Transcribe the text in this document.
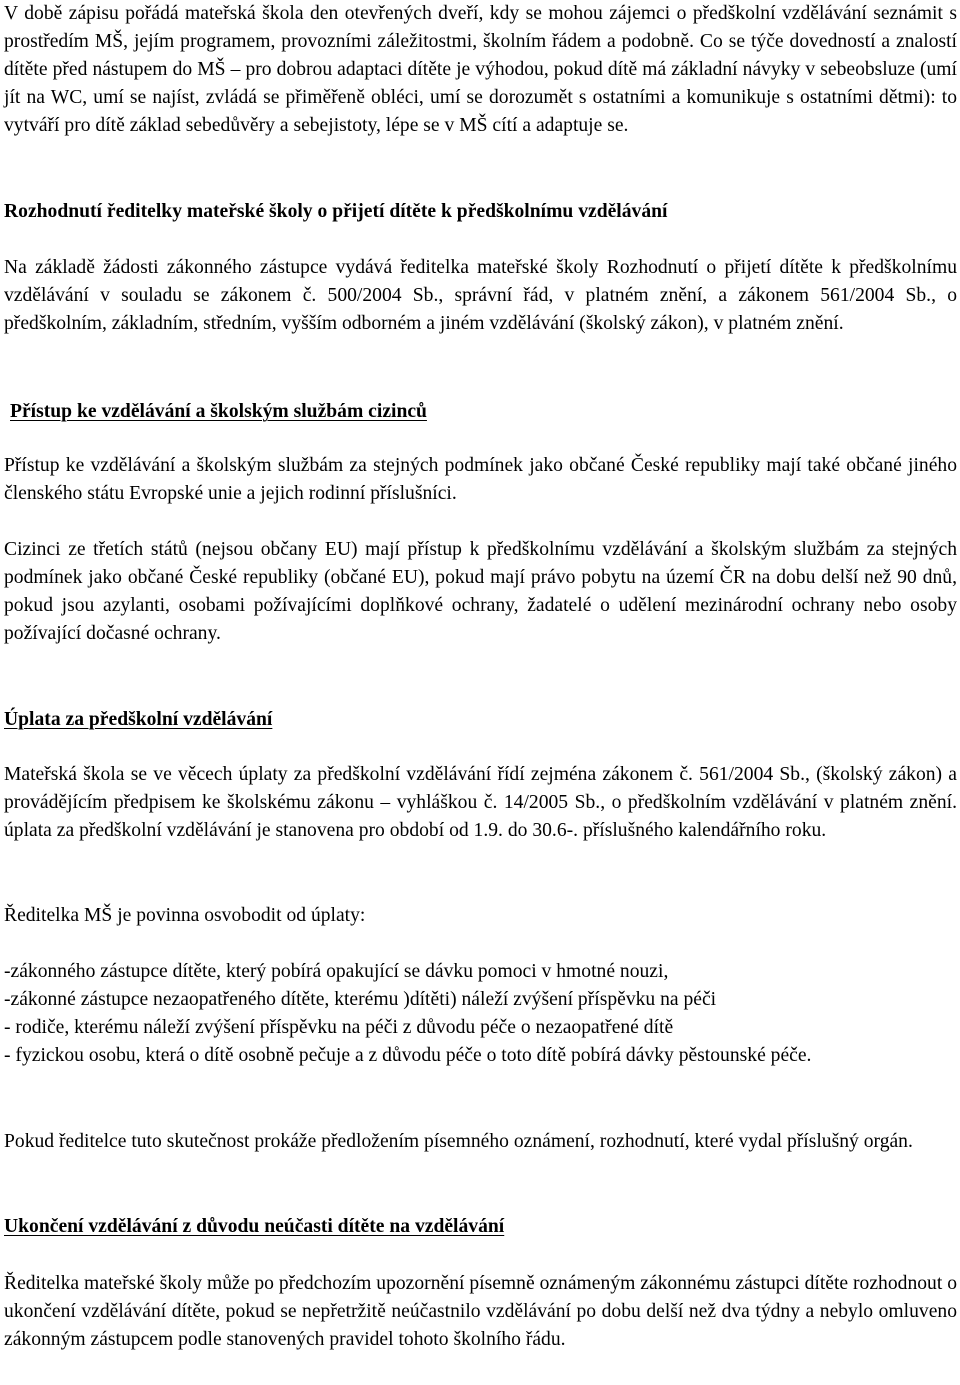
V době zápisu pořádá mateřská škola den otevřených dveří, kdy se mohou zájemci o předškolní vzdělávání seznámit s prostředím MŠ, jejím programem, provozními záležitostmi, školním řádem a podobně. Co se týče dovedností a znalostí dítěte před nástupem do MŠ – pro dobrou adaptaci dítěte je výhodou, pokud dítě má základní návyky v sebeobsluze (umí jít na WC, umí se najíst, zvládá se přiměřeně obléci, umí se dorozumět s ostatními a komunikuje s ostatními dětmi): to vytváří pro dítě základ sebedůvěry a sebejistoty, lépe se v MŠ cítí a adaptuje se.

Rozhodnutí ředitelky mateřské školy o přijetí dítěte k předškolnímu vzdělávání

Na základě žádosti zákonného zástupce vydává ředitelka mateřské školy Rozhodnutí o přijetí dítěte k předškolnímu vzdělávání v souladu se zákonem č. 500/2004 Sb., správní řád, v platném znění, a zákonem 561/2004 Sb., o předškolním, základním, středním, vyšším odborném a jiném vzdělávání (školský zákon), v platném znění.

Přístup ke vzdělávání a školským službám cizinců

Přístup ke vzdělávání a školským službám za stejných podmínek jako občané České republiky mají také občané jiného členského státu Evropské unie a jejich rodinní příslušníci.

Cizinci ze třetích států (nejsou občany EU) mají přístup k předškolnímu vzdělávání a školským službám za stejných podmínek jako občané České republiky (občané EU), pokud mají právo pobytu na území ČR na dobu delší než 90 dnů, pokud jsou azylanti, osobami požívajícími doplňkové ochrany, žadatelé o udělení mezinárodní ochrany nebo osoby požívající dočasné ochrany.

Úplata za předškolní vzdělávání

Mateřská škola se ve věcech úplaty za předškolní vzdělávání řídí zejména zákonem č. 561/2004 Sb., (školský zákon) a provádějícím předpisem ke školskému zákonu – vyhláškou č. 14/2005 Sb., o předškolním vzdělávání v platném znění. úplata za předškolní vzdělávání je stanovena pro období od 1.9. do 30.6-. příslušného kalendářního roku.

Ředitelka MŠ je povinna osvobodit od úplaty:

-zákonného zástupce dítěte, který pobírá opakující se dávku pomoci v hmotné nouzi,

-zákonné zástupce nezaopatřeného dítěte, kterému )dítěti) náleží zvýšení příspěvku na péči

- rodiče, kterému náleží zvýšení příspěvku na péči z důvodu péče o nezaopatřené dítě

- fyzickou osobu, která o dítě osobně pečuje a z důvodu péče o toto dítě pobírá dávky pěstounské péče.

Pokud ředitelce tuto skutečnost prokáže předložením písemného oznámení, rozhodnutí, které vydal příslušný orgán.

Ukončení vzdělávání z důvodu neúčasti dítěte na vzdělávání

Ředitelka mateřské školy může po předchozím upozornění písemně oznámeným zákonnému zástupci dítěte rozhodnout o ukončení vzdělávání dítěte, pokud se nepřetržitě neúčastnilo vzdělávání po dobu delší než dva týdny a nebylo omluveno zákonným zástupcem podle stanovených pravidel tohoto školního řádu.
